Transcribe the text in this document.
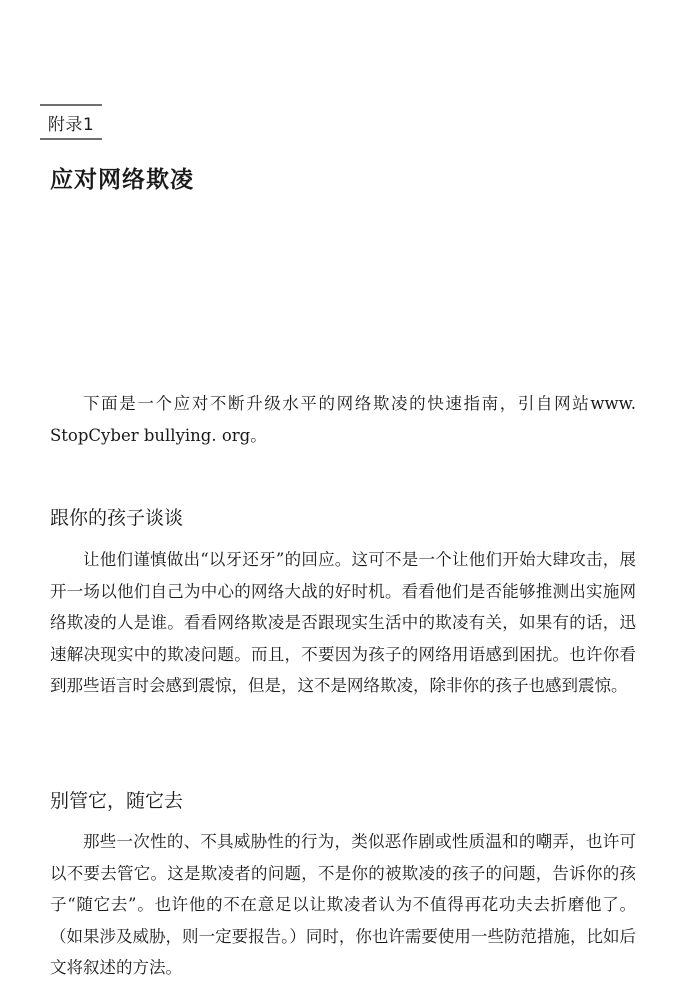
附录1
应对网络欺凌

下面是一个应对不断升级水平的网络欺凌的快速指南，引自网站www. StopCyber bullying. org。

跟你的孩子谈谈

让他们谨慎做出“以牙还牙”的回应。这可不是一个让他们开始大肆攻击，展开一场以他们自己为中心的网络大战的好时机。看看他们是否能够推测出实施网络欺凌的人是谁。看看网络欺凌是否跟现实生活中的欺凌有关，如果有的话，迅速解决现实中的欺凌问题。而且，不要因为孩子的网络用语感到困扰。也许你看到那些语言时会感到震惊，但是，这不是网络欺凌，除非你的孩子也感到震惊。

别管它，随它去

那些一次性的、不具威胁性的行为，类似恶作剧或性质温和的嘲弄，也许可以不要去管它。这是欺凌者的问题，不是你的被欺凌的孩子的问题，告诉你的孩子“随它去”。也许他的不在意足以让欺凌者认为不值得再花功夫去折磨他了。（如果涉及威胁，则一定要报告。）同时，你也许需要使用一些防范措施，比如后文将叙述的方法。
